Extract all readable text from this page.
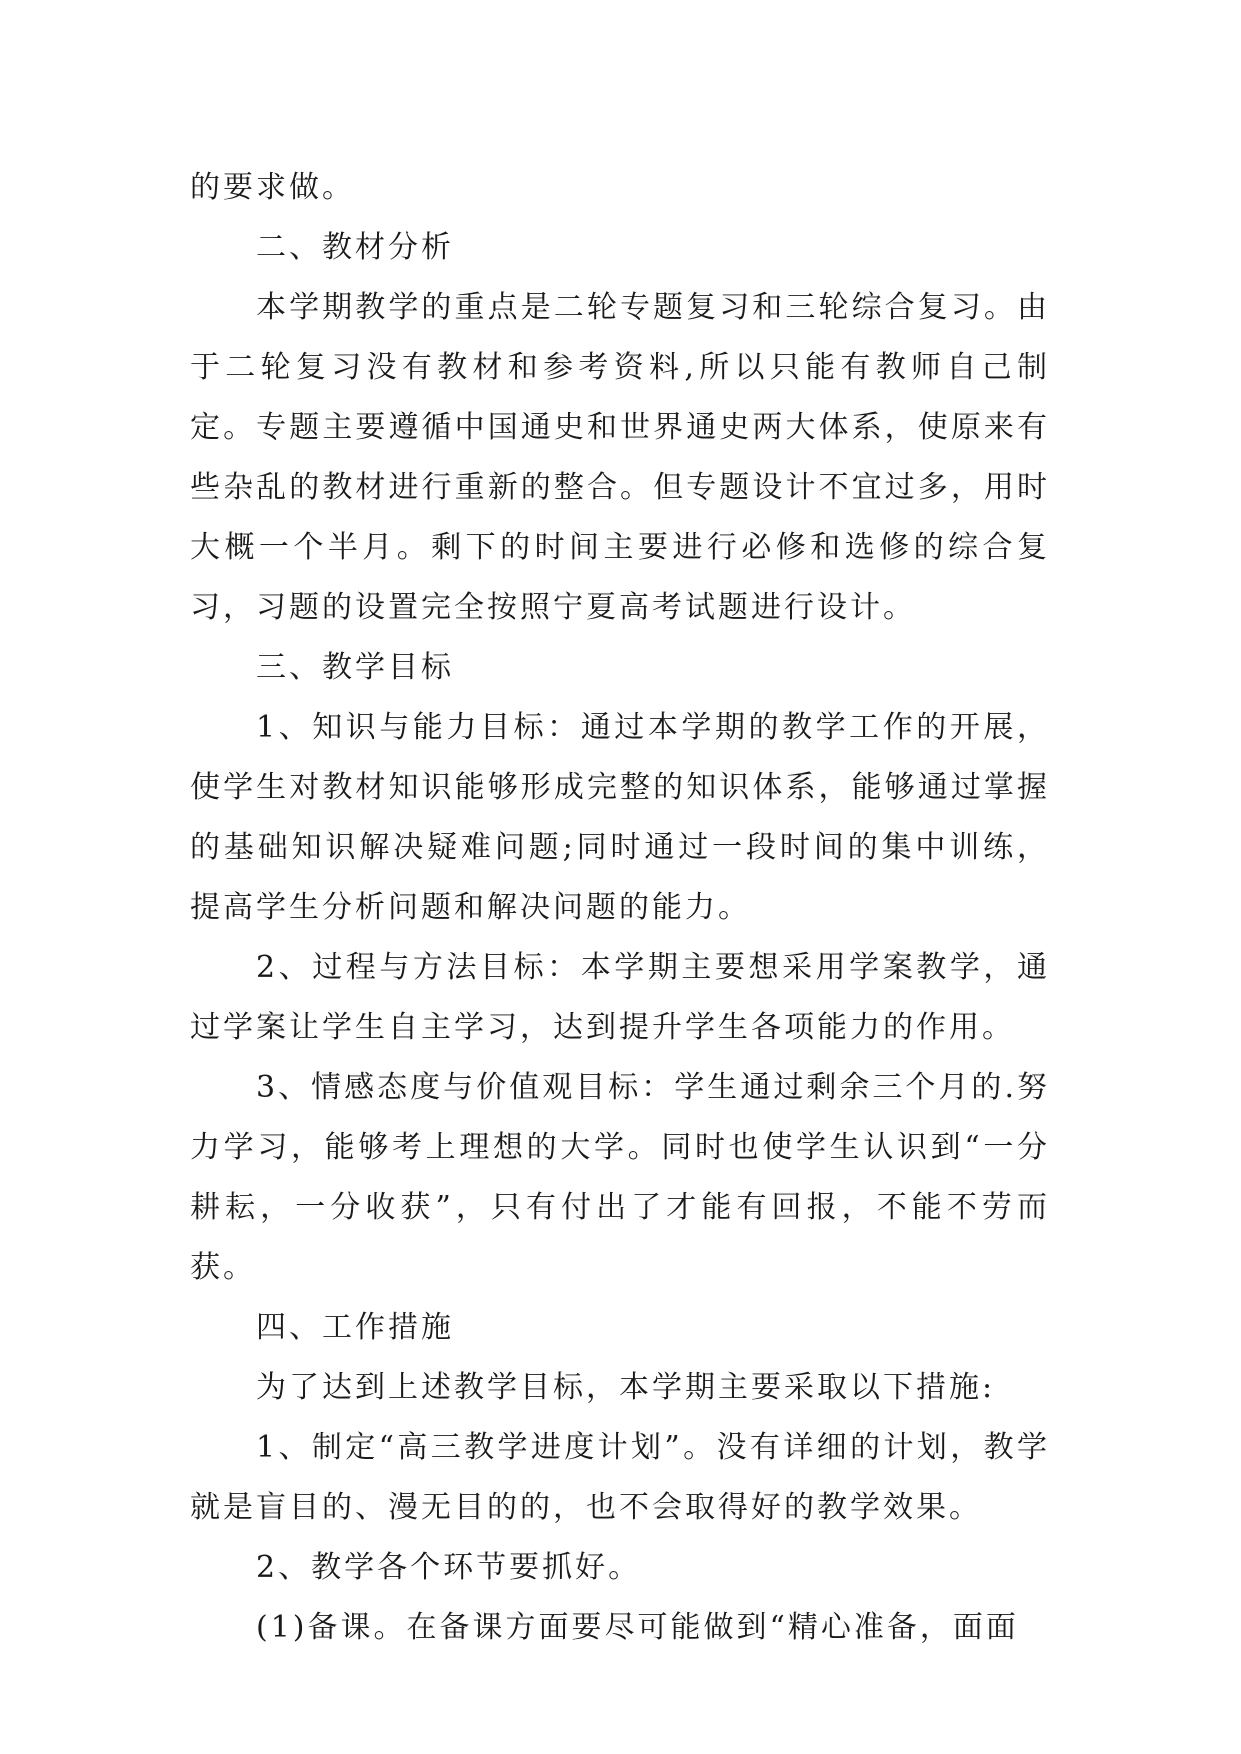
的要求做。

二、教材分析

本学期教学的重点是二轮专题复习和三轮综合复习。由于二轮复习没有教材和参考资料,所以只能有教师自己制定。专题主要遵循中国通史和世界通史两大体系，使原来有些杂乱的教材进行重新的整合。但专题设计不宜过多，用时大概一个半月。剩下的时间主要进行必修和选修的综合复习，习题的设置完全按照宁夏高考试题进行设计。

三、教学目标

1、知识与能力目标：通过本学期的教学工作的开展，使学生对教材知识能够形成完整的知识体系，能够通过掌握的基础知识解决疑难问题;同时通过一段时间的集中训练，提高学生分析问题和解决问题的能力。

2、过程与方法目标：本学期主要想采用学案教学，通过学案让学生自主学习，达到提升学生各项能力的作用。

3、情感态度与价值观目标：学生通过剩余三个月的.努力学习，能够考上理想的大学。同时也使学生认识到“一分耕耘，一分收获”，只有付出了才能有回报，不能不劳而获。

四、工作措施

为了达到上述教学目标，本学期主要采取以下措施:

1、制定“高三教学进度计划”。没有详细的计划，教学就是盲目的、漫无目的的，也不会取得好的教学效果。

2、教学各个环节要抓好。

(1)备课。在备课方面要尽可能做到“精心准备，面面
